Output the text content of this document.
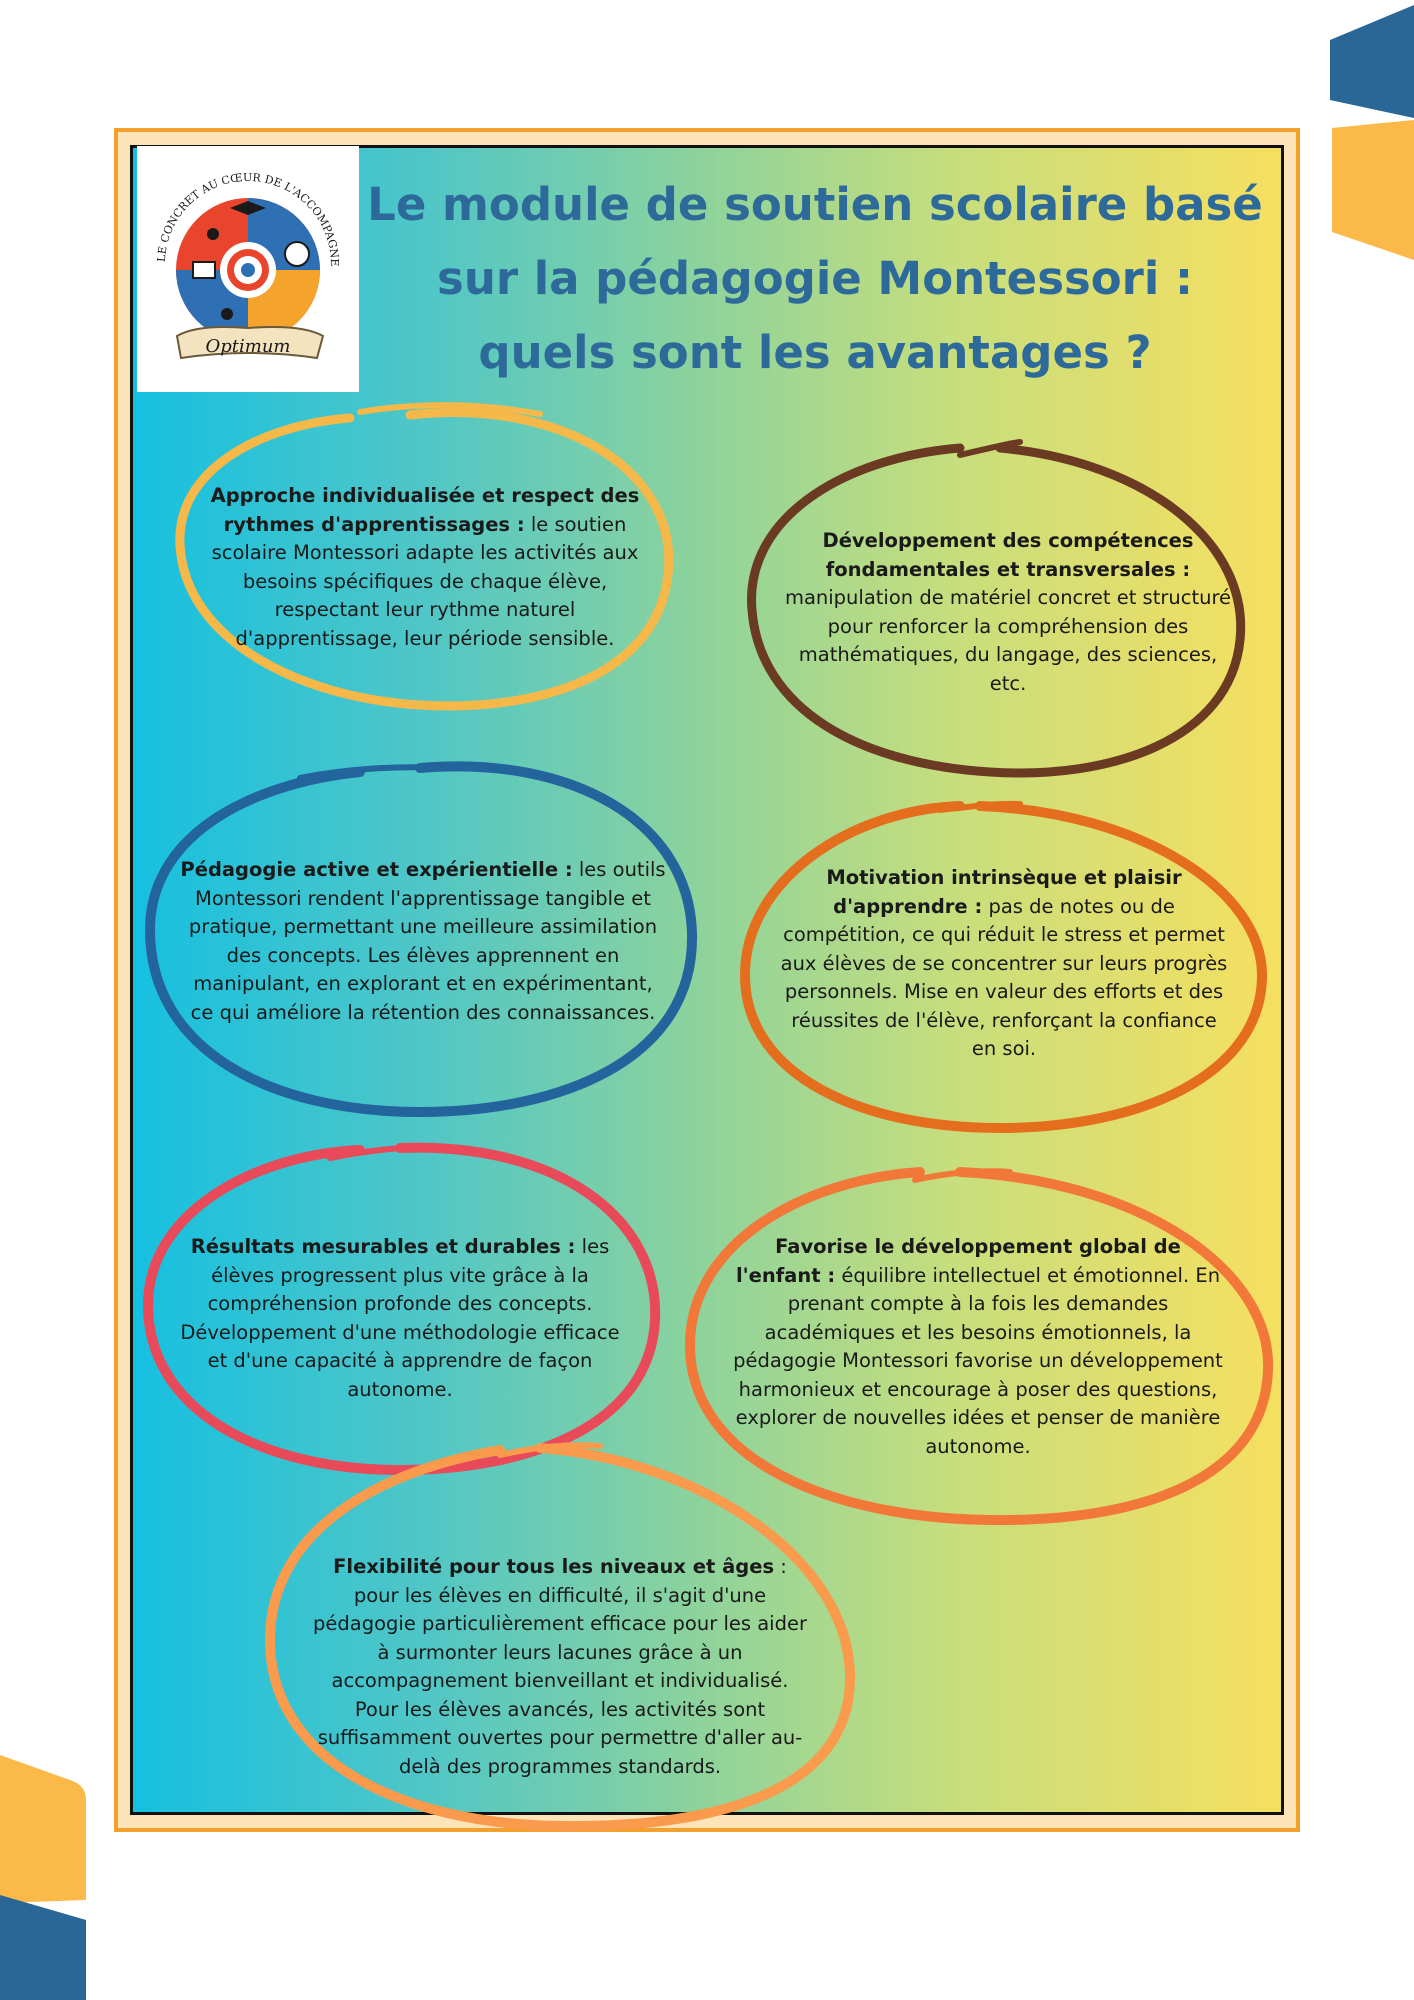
LE CONCRET AU CŒUR DE L'ACCOMPAGNE
Optimum
Le module de soutien scolaire basé
sur la pédagogie Montessori :
quels sont les avantages ?
Approche individualisée et respect des rythmes d'apprentissages : le soutien scolaire Montessori adapte les activités aux besoins spécifiques de chaque élève, respectant leur rythme naturel d'apprentissage, leur période sensible.
Développement des compétences fondamentales et transversales : manipulation de matériel concret et structuré pour renforcer la compréhension des mathématiques, du langage, des sciences, etc.
Pédagogie active et expérientielle : les outils Montessori rendent l'apprentissage tangible et pratique, permettant une meilleure assimilation des concepts. Les élèves apprennent en manipulant, en explorant et en expérimentant, ce qui améliore la rétention des connaissances.
Motivation intrinsèque et plaisir d'apprendre : pas de notes ou de compétition, ce qui réduit le stress et permet aux élèves de se concentrer sur leurs progrès personnels. Mise en valeur des efforts et des réussites de l'élève, renforçant la confiance en soi.
Résultats mesurables et durables : les élèves progressent plus vite grâce à la compréhension profonde des concepts. Développement d'une méthodologie efficace et d'une capacité à apprendre de façon autonome.
Favorise le développement global de l'enfant : équilibre intellectuel et émotionnel. En prenant compte à la fois les demandes académiques et les besoins émotionnels, la pédagogie Montessori favorise un développement harmonieux et encourage à poser des questions, explorer de nouvelles idées et penser de manière autonome.
Flexibilité pour tous les niveaux et âges : pour les élèves en difficulté, il s'agit d'une pédagogie particulièrement efficace pour les aider à surmonter leurs lacunes grâce à un accompagnement bienveillant et individualisé. Pour les élèves avancés, les activités sont suffisamment ouvertes pour permettre d'aller au-delà des programmes standards.
